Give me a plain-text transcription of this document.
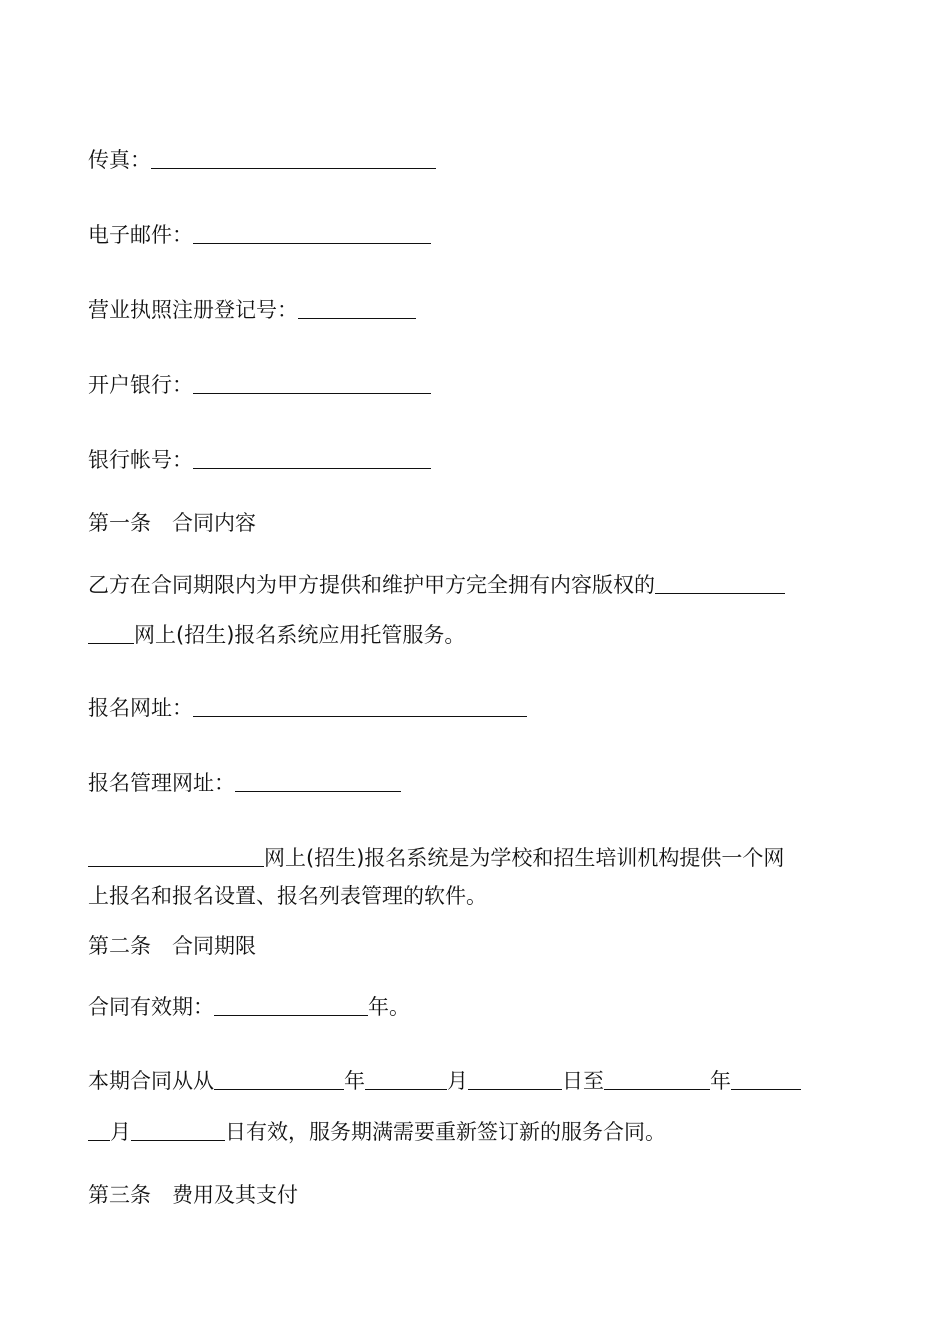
传真：
电子邮件：
营业执照注册登记号：
开户银行：
银行帐号：
第一条　合同内容
乙方在合同期限内为甲方提供和维护甲方完全拥有内容版权的
网上(招生)报名系统应用托管服务。
报名网址：
报名管理网址：
网上(招生)报名系统是为学校和招生培训机构提供一个网
上报名和报名设置、报名列表管理的软件。
第二条　合同期限
合同有效期：	年。
本期合同从从	年	月	日至	年
月	日有效，服务期满需要重新签订新的服务合同。
第三条　费用及其支付
